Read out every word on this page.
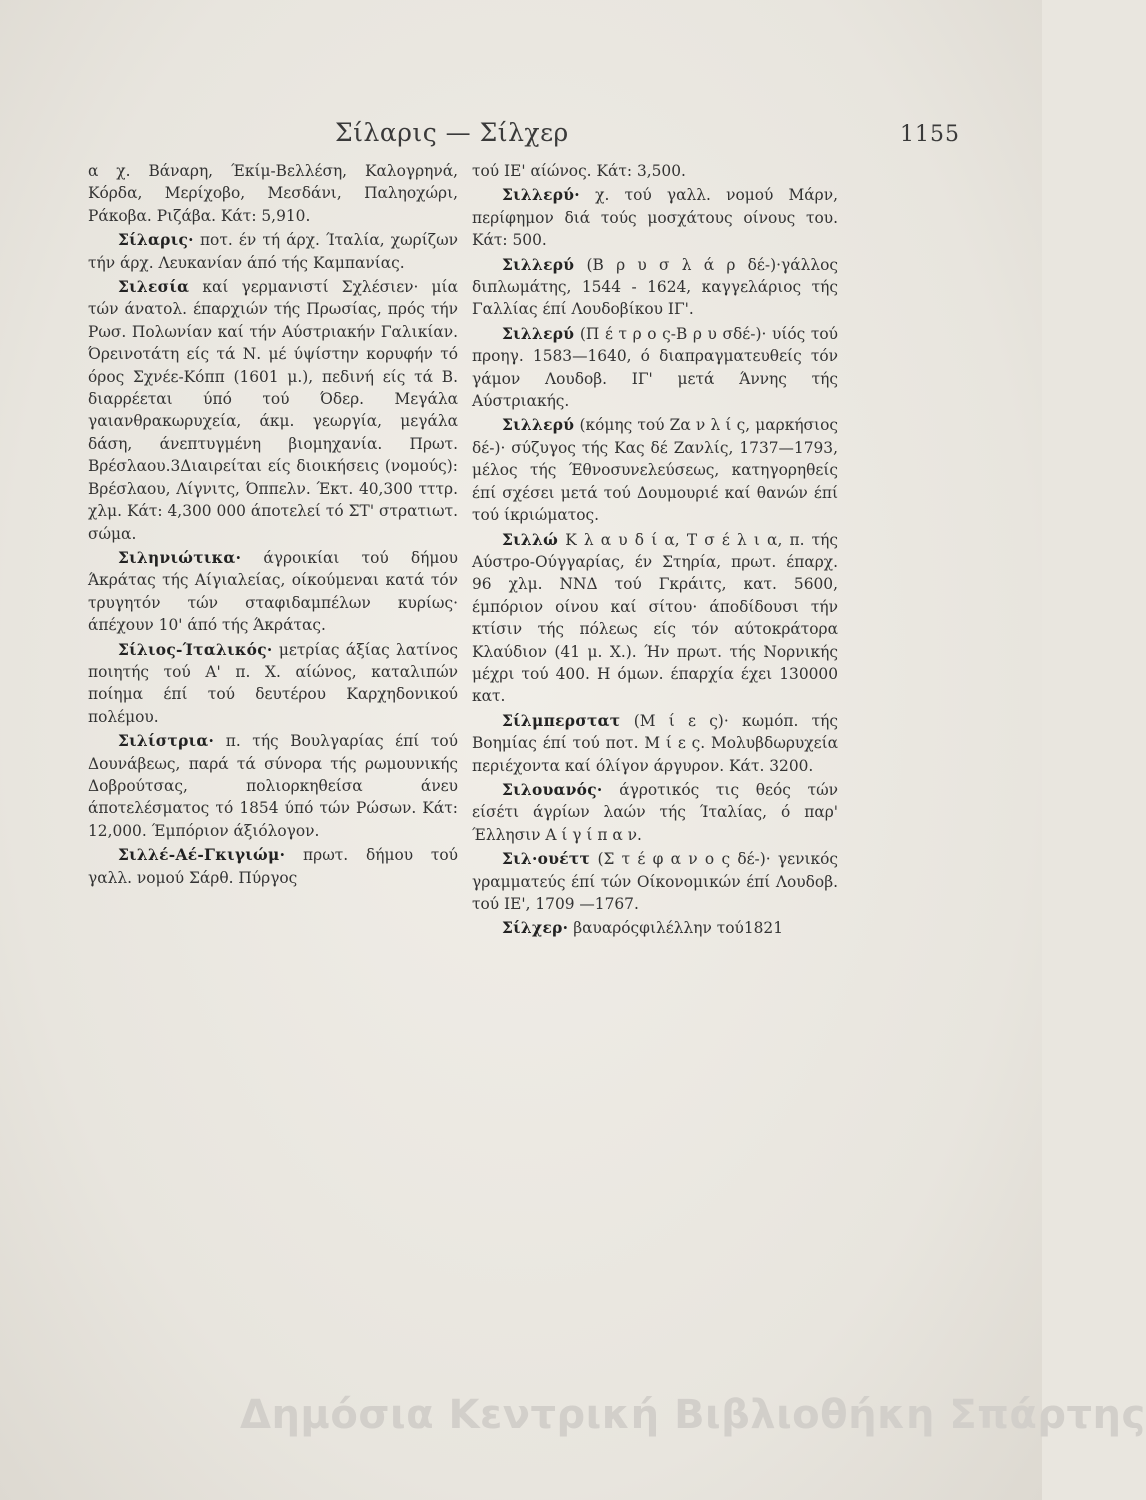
Σίλαρις — Σίλχερ	1155

α χ. Βάναρη, Έκίμ-Βελλέση, Καλογρηνά, Κόρδα, Μερίχοβο, Μεσδάνι, Παληοχώρι, Ράκοβα. Ριζάβα. Κάτ: 5,910.

Σίλαρις· ποτ. έν τή άρχ. Ίταλία, χωρίζων τήν άρχ. Λευκανίαν άπό τής Καμπανίας.

Σιλεσία καί γερμανιστί Σχλέσιεν· μία τών άνατολ. έπαρχιών τής Πρωσίας, πρός τήν Ρωσ. Πολωνίαν καί τήν Αύστριακήν Γαλικίαν. Όρεινοτάτη είς τά Ν. μέ ύψίστην κορυφήν τό όρος Σχνέε-Κόππ (1601 μ.), πεδινή είς τά Β. διαρρέεται ύπό τού Όδερ. Μεγάλα γαιανθρακωρυχεία, άκμ. γεωργία, μεγάλα δάση, άνεπτυγμένη βιομηχανία. Πρωτ. Βρέσλαου.3Διαιρείται είς διοικήσεις (νομούς): Βρέσλαου, Λίγνιτς, Όππελν. Έκτ. 40,300 τττρ. χλμ. Κάτ: 4,300 000 άποτελεί τό ΣΤ' στρατιωτ. σώμα.

Σιληνιώτικα· άγροικίαι τού δήμου Άκράτας τής Αίγιαλείας, οίκούμεναι κατά τόν τρυγητόν τών σταφιδαμπέλων κυρίως· άπέχουν 10' άπό τής Άκράτας.

Σίλιος-Ίταλικός· μετρίας άξίας λατίνος ποιητής τού Α' π. Χ. αίώνος, καταλιπών ποίημα έπί τού δευτέρου Καρχηδονικού πολέμου.

Σιλίστρια· π. τής Βουλγαρίας έπί τού Δουνάβεως, παρά τά σύνορα τής ρωμουνικής Δοβρούτσας, πολιορκηθείσα άνευ άποτελέσματος τό 1854 ύπό τών Ρώσων. Κάτ: 12,000. Έμπόριον άξιόλογον.

Σιλλέ-Αέ-Γκιγιώμ· πρωτ. δήμου τού γαλλ. νομού Σάρθ. Πύργος

τού ΙΕ' αίώνος. Κάτ: 3,500.

Σιλλερύ· χ. τού γαλλ. νομού Μάρν, περίφημον διά τούς μοσχάτους οίνους του. Κάτ: 500.

Σιλλερύ (Β ρ υ σ λ ά ρ δέ-)·γάλλος διπλωμάτης, 1544 - 1624, καγγελάριος τής Γαλλίας έπί Λουδοβίκου ΙΓ'.

Σιλλερύ (Π έ τ ρ ο ς-Β ρ υ σδέ-)· υίός τού προηγ. 1583—1640, ό διαπραγματευθείς τόν γάμον Λουδοβ. ΙΓ' μετά Άννης τής Αύστριακής.

Σιλλερύ (κόμης τού Ζα ν λ ί ς, μαρκήσιος δέ-)· σύζυγος τής Κας δέ Ζανλίς, 1737—1793, μέλος τής Έθνοσυνελεύσεως, κατηγορηθείς έπί σχέσει μετά τού Δουμουριέ καί θανών έπί τού ίκριώματος.

Σιλλώ Κ λ α υ δ ί α, Τ σ έ λ ι α, π. τής Αύστρο-Ούγγαρίας, έν Στηρία, πρωτ. έπαρχ. 96 χλμ. ΝΝΔ τού Γκράιτς, κατ. 5600, έμπόριον οίνου καί σίτου· άποδίδουσι τήν κτίσιν τής πόλεως είς τόν αύτοκράτορα Κλαύδιον (41 μ. Χ.). Ήν πρωτ. τής Νορνικής μέχρι τού 400. Η όμων. έπαρχία έχει 130000 κατ.

Σίλμπερστατ (Μ ί ε ς)· κωμόπ. τής Βοημίας έπί τού ποτ. Μ ί ε ς. Μολυβδωρυχεία περιέχοντα καί όλίγον άργυρον. Κάτ. 3200.

Σιλουανός· άγροτικός τις θεός τών είσέτι άγρίων λαών τής Ίταλίας, ό παρ' Έλλησιν Α ί γ ί π α ν.

Σιλ·ουέττ (Σ τ έ φ α ν ο ς δέ-)· γενικός γραμματεύς έπί τών Οίκονομικών έπί Λουδοβ. τού ΙΕ', 1709 —1767.

Σίλχερ· βαυαρόςφιλέλλην τού1821

Δημόσια Κεντρική Βιβλιοθήκη Σπάρτης
